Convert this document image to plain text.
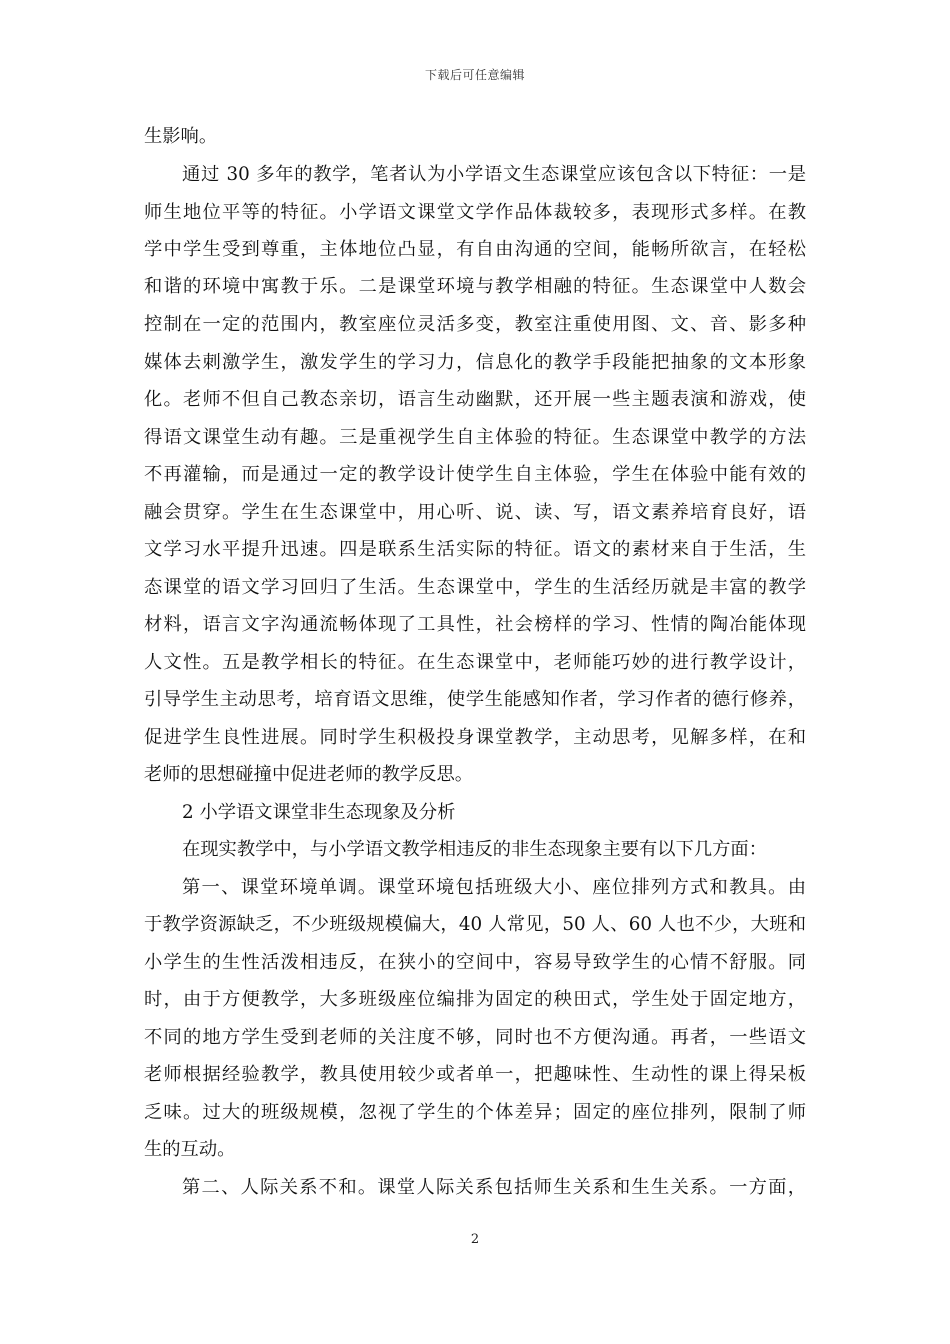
下载后可任意编辑
生影响。
通过 30 多年的教学，笔者认为小学语文生态课堂应该包含以下特征：一是
师生地位平等的特征。小学语文课堂文学作品体裁较多，表现形式多样。在教
学中学生受到尊重，主体地位凸显，有自由沟通的空间，能畅所欲言，在轻松
和谐的环境中寓教于乐。二是课堂环境与教学相融的特征。生态课堂中人数会
控制在一定的范围内，教室座位灵活多变，教室注重使用图、文、音、影多种
媒体去刺激学生，激发学生的学习力，信息化的教学手段能把抽象的文本形象
化。老师不但自己教态亲切，语言生动幽默，还开展一些主题表演和游戏，使
得语文课堂生动有趣。三是重视学生自主体验的特征。生态课堂中教学的方法
不再灌输，而是通过一定的教学设计使学生自主体验，学生在体验中能有效的
融会贯穿。学生在生态课堂中，用心听、说、读、写，语文素养培育良好，语
文学习水平提升迅速。四是联系生活实际的特征。语文的素材来自于生活，生
态课堂的语文学习回归了生活。生态课堂中，学生的生活经历就是丰富的教学
材料，语言文字沟通流畅体现了工具性，社会榜样的学习、性情的陶冶能体现
人文性。五是教学相长的特征。在生态课堂中，老师能巧妙的进行教学设计，
引导学生主动思考，培育语文思维，使学生能感知作者，学习作者的德行修养，
促进学生良性进展。同时学生积极投身课堂教学，主动思考，见解多样，在和
老师的思想碰撞中促进老师的教学反思。
2 小学语文课堂非生态现象及分析
在现实教学中，与小学语文教学相违反的非生态现象主要有以下几方面：
第一、课堂环境单调。课堂环境包括班级大小、座位排列方式和教具。由
于教学资源缺乏，不少班级规模偏大，40 人常见，50 人、60 人也不少，大班和
小学生的生性活泼相违反，在狭小的空间中，容易导致学生的心情不舒服。同
时，由于方便教学，大多班级座位编排为固定的秧田式，学生处于固定地方，
不同的地方学生受到老师的关注度不够，同时也不方便沟通。再者，一些语文
老师根据经验教学，教具使用较少或者单一，把趣味性、生动性的课上得呆板
乏味。过大的班级规模，忽视了学生的个体差异；固定的座位排列，限制了师
生的互动。
第二、人际关系不和。课堂人际关系包括师生关系和生生关系。一方面，
2
